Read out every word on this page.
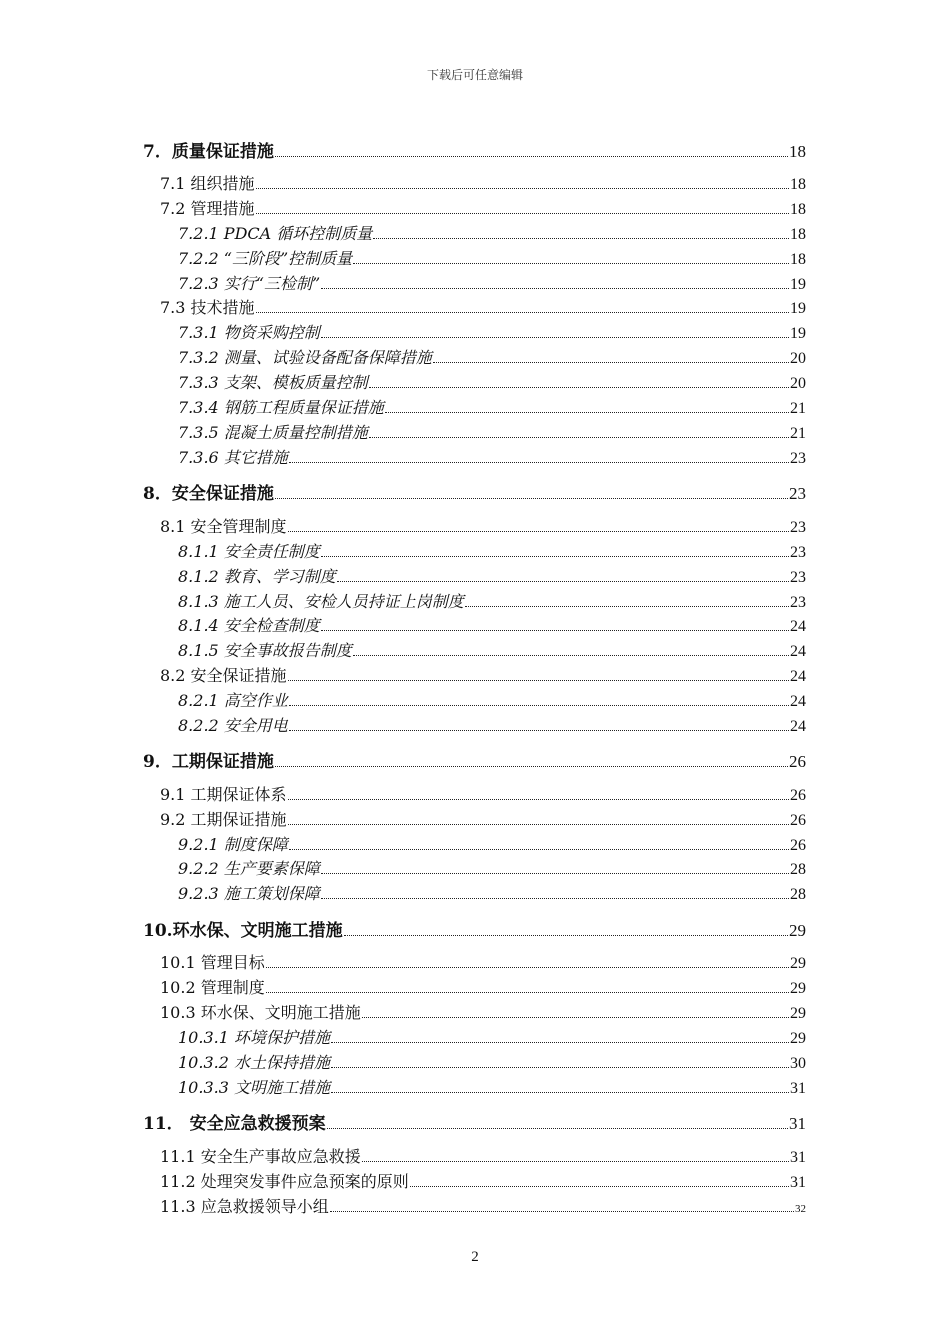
下载后可任意编辑
7．质量保证措施	18
7.1 组织措施	18
7.2 管理措施	18
7.2.1 PDCA 循环控制质量	18
7.2.2 “三阶段”控制质量	18
7.2.3 实行“三检制”	19
7.3 技术措施	19
7.3.1 物资采购控制	19
7.3.2 测量、试验设备配备保障措施	20
7.3.3 支架、模板质量控制	20
7.3.4 钢筋工程质量保证措施	21
7.3.5 混凝土质量控制措施	21
7.3.6 其它措施	23
8．安全保证措施	23
8.1 安全管理制度	23
8.1.1 安全责任制度	23
8.1.2 教育、学习制度	23
8.1.3 施工人员、安检人员持证上岗制度	23
8.1.4 安全检查制度	24
8.1.5 安全事故报告制度	24
8.2 安全保证措施	24
8.2.1 高空作业	24
8.2.2 安全用电	24
9．工期保证措施	26
9.1 工期保证体系	26
9.2 工期保证措施	26
9.2.1 制度保障	26
9.2.2 生产要素保障	28
9.2.3 施工策划保障	28
10.环水保、文明施工措施	29
10.1 管理目标	29
10.2 管理制度	29
10.3 环水保、文明施工措施	29
10.3.1 环境保护措施	29
10.3.2 水土保持措施	30
10.3.3 文明施工措施	31
11． 安全应急救援预案	31
11.1 安全生产事故应急救援	31
11.2 处理突发事件应急预案的原则	31
11.3 应急救援领导小组	32
2
